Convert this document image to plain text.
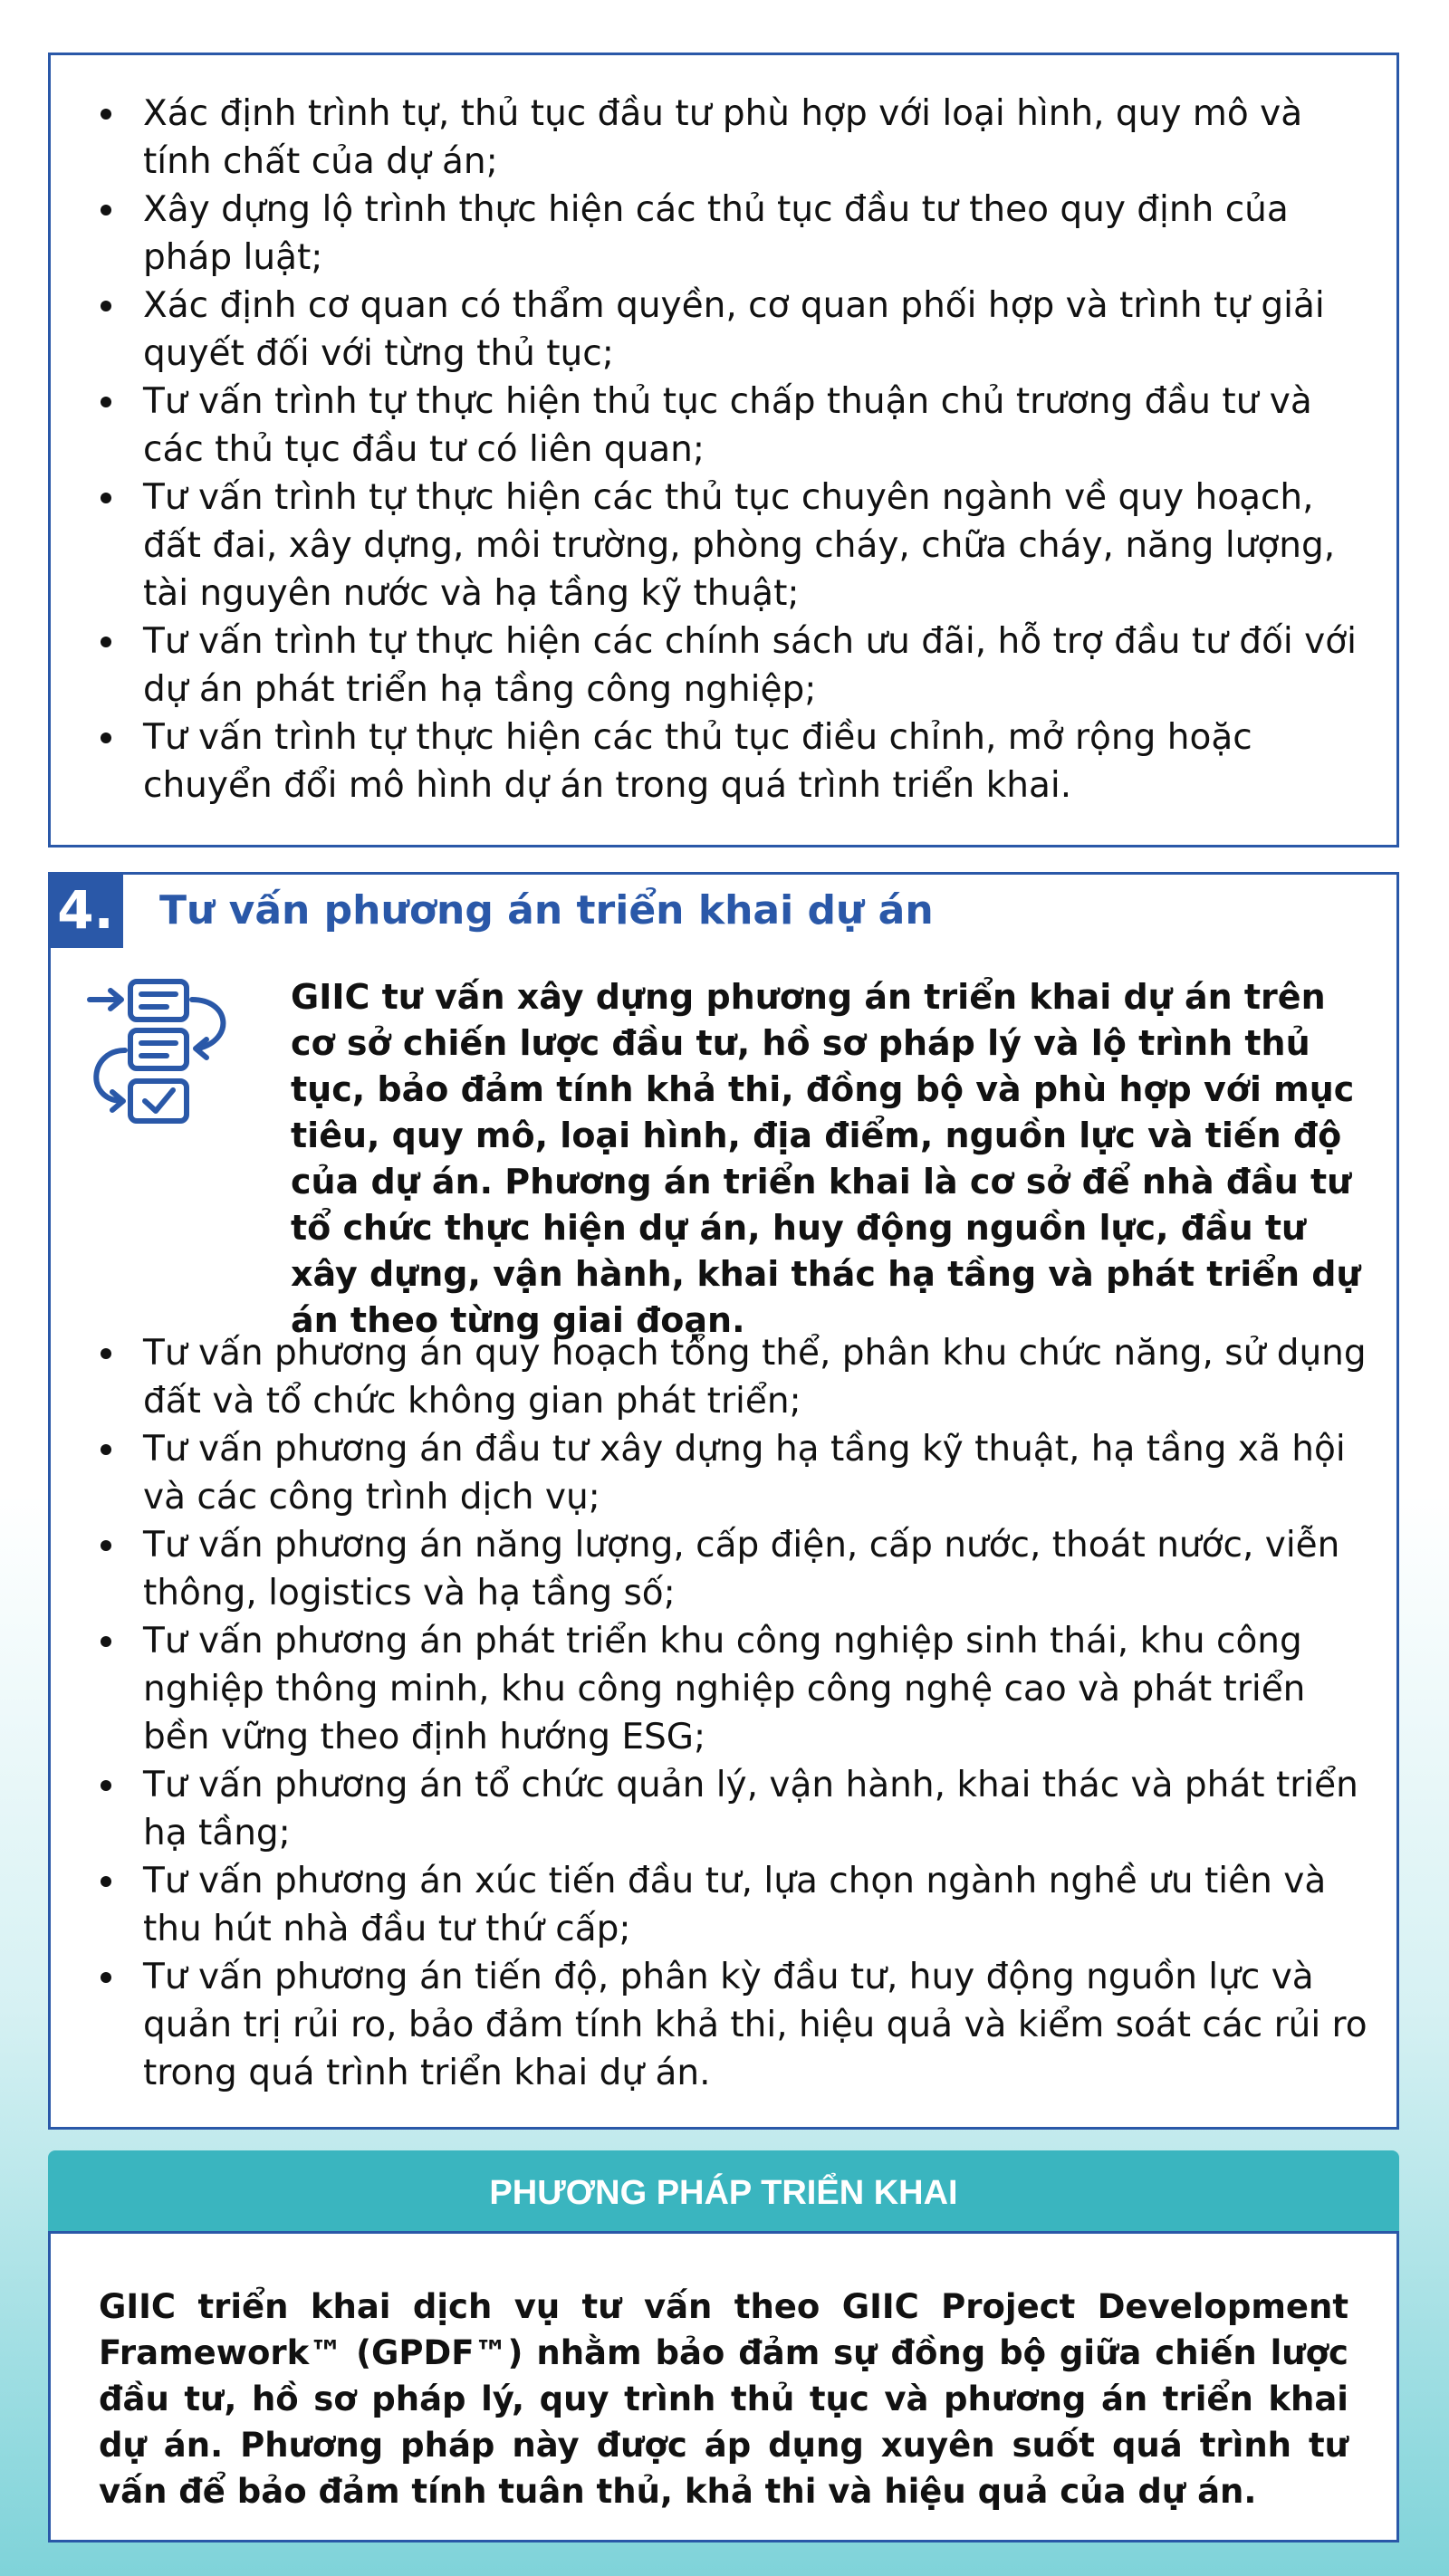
Xác định trình tự, thủ tục đầu tư phù hợp với loại hình, quy mô và tính chất của dự án;
Xây dựng lộ trình thực hiện các thủ tục đầu tư theo quy định của pháp luật;
Xác định cơ quan có thẩm quyền, cơ quan phối hợp và trình tự giải quyết đối với từng thủ tục;
Tư vấn trình tự thực hiện thủ tục chấp thuận chủ trương đầu tư và các thủ tục đầu tư có liên quan;
Tư vấn trình tự thực hiện các thủ tục chuyên ngành về quy hoạch, đất đai, xây dựng, môi trường, phòng cháy, chữa cháy, năng lượng, tài nguyên nước và hạ tầng kỹ thuật;
Tư vấn trình tự thực hiện các chính sách ưu đãi, hỗ trợ đầu tư đối với dự án phát triển hạ tầng công nghiệp;
Tư vấn trình tự thực hiện các thủ tục điều chỉnh, mở rộng hoặc chuyển đổi mô hình dự án trong quá trình triển khai.
4. Tư vấn phương án triển khai dự án
GIIC tư vấn xây dựng phương án triển khai dự án trên cơ sở chiến lược đầu tư, hồ sơ pháp lý và lộ trình thủ tục, bảo đảm tính khả thi, đồng bộ và phù hợp với mục tiêu, quy mô, loại hình, địa điểm, nguồn lực và tiến độ của dự án. Phương án triển khai là cơ sở để nhà đầu tư tổ chức thực hiện dự án, huy động nguồn lực, đầu tư xây dựng, vận hành, khai thác hạ tầng và phát triển dự án theo từng giai đoạn.
Tư vấn phương án quy hoạch tổng thể, phân khu chức năng, sử dụng đất và tổ chức không gian phát triển;
Tư vấn phương án đầu tư xây dựng hạ tầng kỹ thuật, hạ tầng xã hội và các công trình dịch vụ;
Tư vấn phương án năng lượng, cấp điện, cấp nước, thoát nước, viễn thông, logistics và hạ tầng số;
Tư vấn phương án phát triển khu công nghiệp sinh thái, khu công nghiệp thông minh, khu công nghiệp công nghệ cao và phát triển bền vững theo định hướng ESG;
Tư vấn phương án tổ chức quản lý, vận hành, khai thác và phát triển hạ tầng;
Tư vấn phương án xúc tiến đầu tư, lựa chọn ngành nghề ưu tiên và thu hút nhà đầu tư thứ cấp;
Tư vấn phương án tiến độ, phân kỳ đầu tư, huy động nguồn lực và quản trị rủi ro, bảo đảm tính khả thi, hiệu quả và kiểm soát các rủi ro trong quá trình triển khai dự án.
PHƯƠNG PHÁP TRIỂN KHAI
GIIC triển khai dịch vụ tư vấn theo GIIC Project Development Framework™ (GPDF™) nhằm bảo đảm sự đồng bộ giữa chiến lược đầu tư, hồ sơ pháp lý, quy trình thủ tục và phương án triển khai dự án. Phương pháp này được áp dụng xuyên suốt quá trình tư vấn để bảo đảm tính tuân thủ, khả thi và hiệu quả của dự án.
